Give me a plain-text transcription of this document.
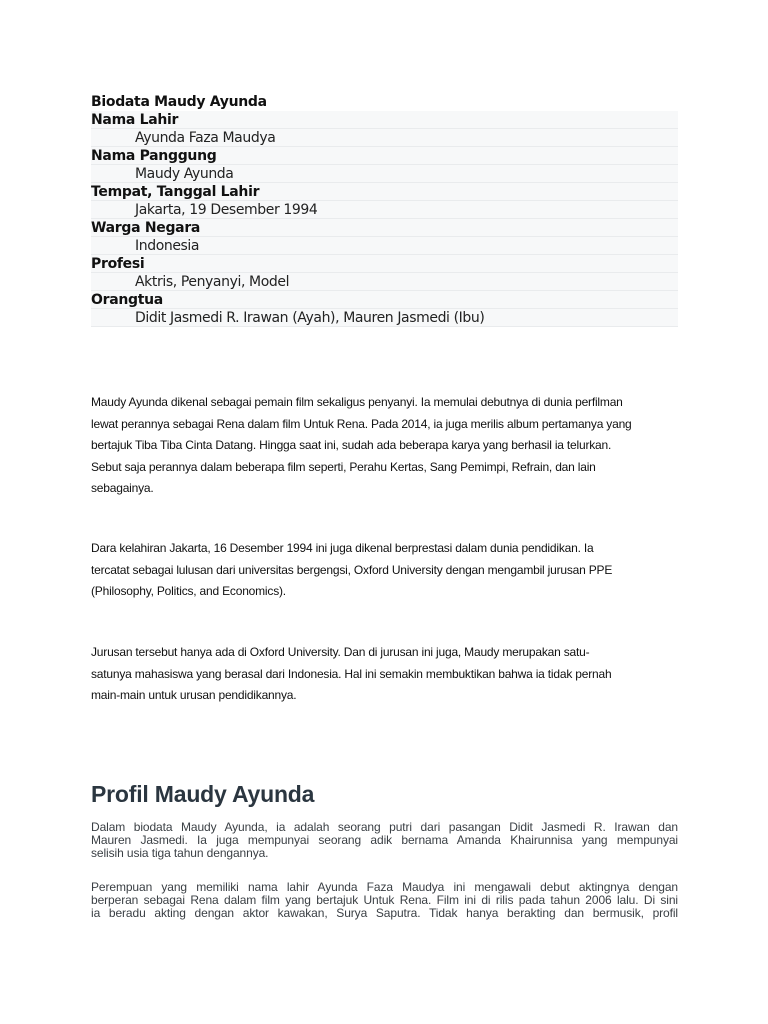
Biodata Maudy Ayunda
Nama Lahir
Ayunda Faza Maudya
Nama Panggung
Maudy Ayunda
Tempat, Tanggal Lahir
Jakarta, 19 Desember 1994
Warga Negara
Indonesia
Profesi
Aktris, Penyanyi, Model
Orangtua
Didit Jasmedi R. Irawan (Ayah), Mauren Jasmedi (Ibu)
Maudy Ayunda dikenal sebagai pemain film sekaligus penyanyi. Ia memulai debutnya di dunia perfilman
lewat perannya sebagai Rena dalam film Untuk Rena. Pada 2014, ia juga merilis album pertamanya yang
bertajuk Tiba Tiba Cinta Datang. Hingga saat ini, sudah ada beberapa karya yang berhasil ia telurkan.
Sebut saja perannya dalam beberapa film seperti, Perahu Kertas, Sang Pemimpi, Refrain, dan lain
sebagainya.
Dara kelahiran Jakarta, 16 Desember 1994 ini juga dikenal berprestasi dalam dunia pendidikan. Ia
tercatat sebagai lulusan dari universitas bergengsi, Oxford University dengan mengambil jurusan PPE
(Philosophy, Politics, and Economics).
Jurusan tersebut hanya ada di Oxford University. Dan di jurusan ini juga, Maudy merupakan satu-
satunya mahasiswa yang berasal dari Indonesia. Hal ini semakin membuktikan bahwa ia tidak pernah
main-main untuk urusan pendidikannya.
Profil Maudy Ayunda
Dalam biodata Maudy Ayunda, ia adalah seorang putri dari pasangan Didit Jasmedi R. Irawan dan
Mauren Jasmedi. Ia juga mempunyai seorang adik bernama Amanda Khairunnisa yang mempunyai
selisih usia tiga tahun dengannya.
Perempuan yang memiliki nama lahir Ayunda Faza Maudya ini mengawali debut aktingnya dengan
berperan sebagai Rena dalam film yang bertajuk Untuk Rena. Film ini di rilis pada tahun 2006 lalu. Di sini
ia beradu akting dengan aktor kawakan, Surya Saputra. Tidak hanya berakting dan bermusik, profil
